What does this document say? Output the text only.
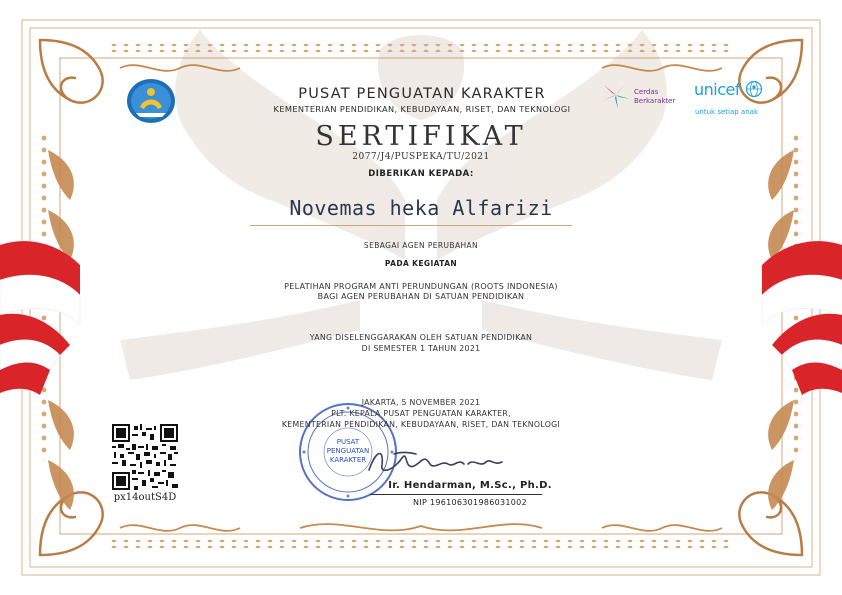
PUSAT PENGUATAN KARAKTER
KEMENTERIAN PENDIDIKAN, KEBUDAYAAN, RISET, DAN TEKNOLOGI
Cerdas
Berkarakter
unicef
untuk setiap anak
SERTIFIKAT
2077/J4/PUSPEKA/TU/2021
DIBERIKAN KEPADA:
Novemas heka Alfarizi
SEBAGAI AGEN PERUBAHAN
PADA KEGIATAN
PELATIHAN PROGRAM ANTI PERUNDUNGAN (ROOTS INDONESIA)
BAGI AGEN PERUBAHAN DI SATUAN PENDIDIKAN
YANG DISELENGGARAKAN OLEH SATUAN PENDIDIKAN
DI SEMESTER 1 TAHUN 2021
JAKARTA, 5 NOVEMBER 2021
PLT. KEPALA PUSAT PENGUATAN KARAKTER,
KEMENTERIAN PENDIDIKAN, KEBUDAYAAN, RISET, DAN TEKNOLOGI
PUSAT
PENGUATAN
KARAKTER
Ir. Hendarman, M.Sc., Ph.D.
NIP 196106301986031002
px14outS4D
